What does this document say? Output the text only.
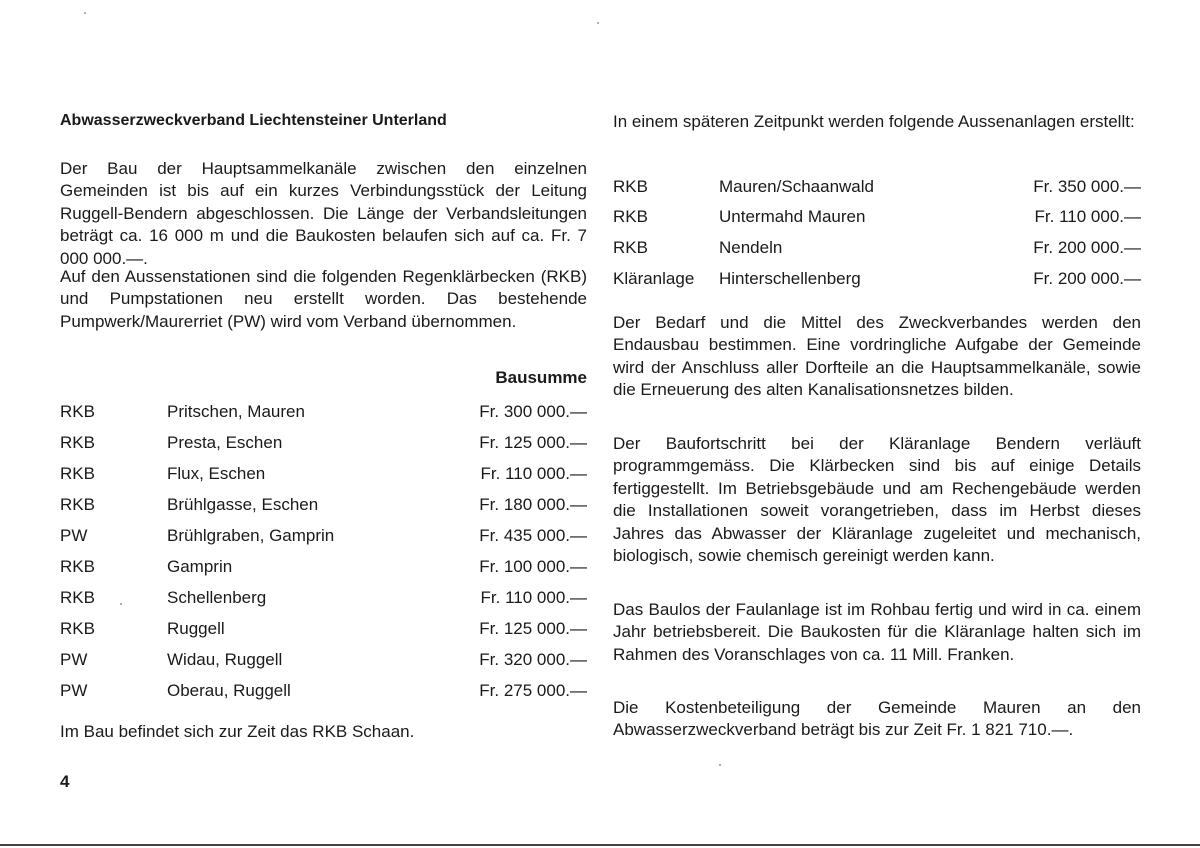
Abwasserzweckverband Liechtensteiner Unterland
Der Bau der Hauptsammelkanäle zwischen den einzelnen Gemeinden ist bis auf ein kurzes Verbindungsstück der Leitung Ruggell-Bendern abgeschlossen. Die Länge der Verbandsleitungen beträgt ca. 16 000 m und die Baukosten belaufen sich auf ca. Fr. 7 000 000.—.
Auf den Aussenstationen sind die folgenden Regenklärbecken (RKB) und Pumpstationen neu erstellt worden. Das bestehende Pumpwerk/Maurerriet (PW) wird vom Verband übernommen.
Bausumme
RKB	Pritschen, Mauren	Fr. 300 000.—
RKB	Presta, Eschen	Fr. 125 000.—
RKB	Flux, Eschen	Fr. 110 000.—
RKB	Brühlgasse, Eschen	Fr. 180 000.—
PW	Brühlgraben, Gamprin	Fr. 435 000.—
RKB	Gamprin	Fr. 100 000.—
RKB	Schellenberg	Fr. 110 000.—
RKB	Ruggell	Fr. 125 000.—
PW	Widau, Ruggell	Fr. 320 000.—
PW	Oberau, Ruggell	Fr. 275 000.—
Im Bau befindet sich zur Zeit das RKB Schaan.
In einem späteren Zeitpunkt werden folgende Aussenanlagen erstellt:
RKB	Mauren/Schaanwald	Fr. 350 000.—
RKB	Untermahd Mauren	Fr. 110 000.—
RKB	Nendeln	Fr. 200 000.—
Kläranlage Hinterschellenberg	Fr. 200 000.—
Der Bedarf und die Mittel des Zweckverbandes werden den Endausbau bestimmen. Eine vordringliche Aufgabe der Gemeinde wird der Anschluss aller Dorfteile an die Hauptsammelkanäle, sowie die Erneuerung des alten Kanalisationsnetzes bilden.
Der Baufortschritt bei der Kläranlage Bendern verläuft programmgemäss. Die Klärbecken sind bis auf einige Details fertiggestellt. Im Betriebsgebäude und am Rechengebäude werden die Installationen soweit vorangetrieben, dass im Herbst dieses Jahres das Abwasser der Kläranlage zugeleitet und mechanisch, biologisch, sowie chemisch gereinigt werden kann.
Das Baulos der Faulanlage ist im Rohbau fertig und wird in ca. einem Jahr betriebsbereit. Die Baukosten für die Kläranlage halten sich im Rahmen des Voranschlages von ca. 11 Mill. Franken.
Die Kostenbeteiligung der Gemeinde Mauren an den Abwasserzweckverband beträgt bis zur Zeit Fr. 1 821 710.—.
4
